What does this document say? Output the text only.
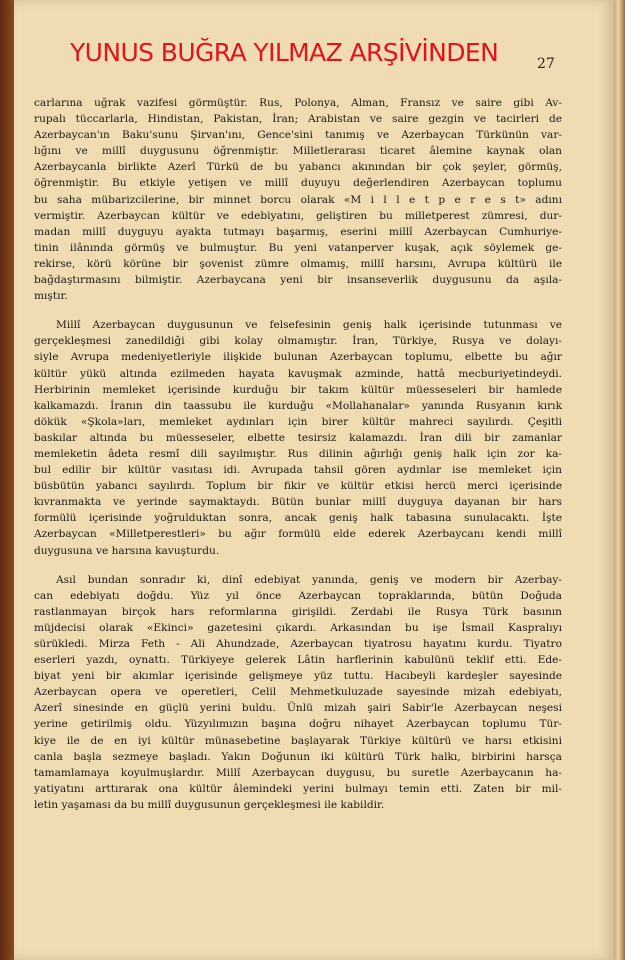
YUNUS BUĞRA YILMAZ ARŞİVİNDEN	27
carlarına uğrak vazifesi görmüştür. Rus, Polonya, Alman, Fransız ve saire gibi Av-
rupalı tüccarlarla, Hindistan, Pakistan, İran; Arabistan ve saire gezgin ve tacirleri de
Azerbaycan'ın Baku'sunu Şirvan'ını, Gence'sini tanımış ve Azerbaycan Türkünün var-
lığını ve millî duygusunu öğrenmiştir. Milletlerarası ticaret âlemine kaynak olan
Azerbaycanla birlikte Azerî Türkü de bu yabancı akınından bir çok şeyler, görmüş,
öğrenmiştir. Bu etkiyle yetişen ve millî duyuyu değerlendiren Azerbaycan toplumu
bu saha mübarizcilerine, bir minnet borcu olarak «M i l l e t p e r e s t» adını
vermiştir. Azerbaycan kültür ve edebiyatını, geliştiren bu milletperest zümresi, dur-
madan millî duyguyu ayakta tutmayı başarmış, eserini millî Azerbaycan Cumhuriye-
tinin ilânında görmüş ve bulmuştur. Bu yeni vatanperver kuşak, açık söylemek ge-
rekirse, körü körüne bir şovenist zümre olmamış, millî harsını, Avrupa kültürü ile
bağdaştırmasını bilmiştir. Azerbaycana yeni bir insanseverlik duygusunu da aşıla-
mıştır.
Millî Azerbaycan duygusunun ve felsefesinin geniş halk içerisinde tutunması ve
gerçekleşmesi zanedildiği gibi kolay olmamıştır. İran, Türkiye, Rusya ve dolayı-
siyle Avrupa medeniyetleriyle ilişkide bulunan Azerbaycan toplumu, elbette bu ağır
kültür yükü altında ezilmeden hayata kavuşmak azminde, hattâ mecburiyetindeydi.
Herbirinin memleket içerisinde kurduğu bir takım kültür müesseseleri bir hamlede
kalkamazdı. İranın din taassubu ile kurduğu «Mollahanalar» yanında Rusyanın kırık
dökük «Şkola»ları, memleket aydınları için birer kültür mahreci sayılırdı. Çeşitli
baskılar altında bu müesseseler, elbette tesirsiz kalamazdı. İran dili bir zamanlar
memleketin âdeta resmî dili sayılmıştır. Rus dilinin ağırlığı geniş halk için zor ka-
bul edilir bir kültür vasıtası idi. Avrupada tahsil gören aydınlar ise memleket için
büsbütün yabancı sayılırdı. Toplum bir fikir ve kültür etkisi hercü merci içerisinde
kıvranmakta ve yerinde saymaktaydı. Bütün bunlar millî duyguya dayanan bir hars
formülü içerisinde yoğrulduktan sonra, ancak geniş halk tabasına sunulacaktı. İşte
Azerbaycan «Milletperestleri» bu ağır formülü elde ederek Azerbaycanı kendi millî
duygusuna ve harsına kavuşturdu.
Asıl bundan sonradır ki, dinî edebiyat yanında, geniş ve modern bir Azerbay-
can edebiyatı doğdu. Yüz yıl önce Azerbaycan topraklarında, bütün Doğuda
rastlanmayan birçok hars reformlarına girişildi. Zerdabi ile Rusya Türk basının
müjdecisi olarak «Ekinci» gazetesini çıkardı. Arkasından bu işe İsmail Kaspralıyı
sürükledi. Mirza Feth - Ali Ahundzade, Azerbaycan tiyatrosu hayatını kurdu. Tiyatro
eserleri yazdı, oynattı. Türkiyeye gelerek Lâtin harflerinin kabulünü teklif etti. Ede-
biyat yeni bir akımlar içerisinde gelişmeye yüz tuttu. Hacıbeyli kardeşler sayesinde
Azerbaycan opera ve operetleri, Celil Mehmetkuluzade sayesinde mizah edebiyatı,
Azerî sinesinde en güçlü yerini buldu. Ünlü mizah şairi Sabir'le Azerbaycan neşesi
yerine getirilmiş oldu. Yüzyılımızın başına doğru nihayet Azerbaycan toplumu Tür-
kiye ile de en iyi kültür münasebetine başlayarak Türkiye kültürü ve harsı etkisini
canla başla sezmeye başladı. Yakın Doğunun iki kültürü Türk halkı, birbirini harsça
tamamlamaya koyulmuşlardır. Millî Azerbaycan duygusu, bu suretle Azerbaycanın ha-
yatiyatını arttırarak ona kültür âlemindeki yerini bulmayı temin etti. Zaten bir mil-
letin yaşaması da bu millî duygusunun gerçekleşmesi ile kabildir.
